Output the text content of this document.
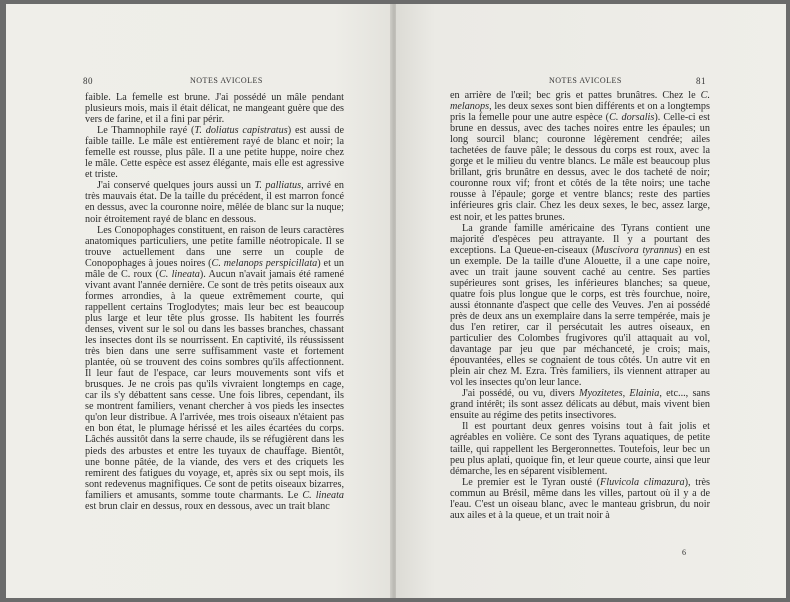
80	NOTES AVICOLES

faible. La femelle est brune. J'ai possédé un mâle pendant plusieurs mois, mais il était délicat, ne mangeant guère que des vers de farine, et il a fini par périr.

Le Thamnophile rayé (T. doliatus capistratus) est aussi de faible taille. Le mâle est entièrement rayé de blanc et noir; la femelle est rousse, plus pâle. Il a une petite huppe, noire chez le mâle. Cette espèce est assez élégante, mais elle est agressive et triste.

J'ai conservé quelques jours aussi un T. palliatus, arrivé en très mauvais état. De la taille du précédent, il est marron foncé en dessus, avec la couronne noire, mêlée de blanc sur la nuque; noir étroitement rayé de blanc en dessous.

Les Conopophages constituent, en raison de leurs caractères anatomiques particuliers, une petite famille néotropicale. Il se trouve actuellement dans une serre un couple de Conopophages à joues noires (C. melanops perspicillata) et un mâle de C. roux (C. lineata). Aucun n'avait jamais été ramené vivant avant l'année dernière. Ce sont de très petits oiseaux aux formes arrondies, à la queue extrêmement courte, qui rappellent certains Troglodytes; mais leur bec est beaucoup plus large et leur tête plus grosse. Ils habitent les fourrés denses, vivent sur le sol ou dans les basses branches, chassant les insectes dont ils se nourrissent. En captivité, ils réussissent très bien dans une serre suffisamment vaste et fortement plantée, où se trouvent des coins sombres qu'ils affectionnent. Il leur faut de l'espace, car leurs mouvements sont vifs et brusques. Je ne crois pas qu'ils vivraient longtemps en cage, car ils s'y débattent sans cesse. Une fois libres, cependant, ils se montrent familiers, venant chercher à vos pieds les insectes qu'on leur distribue. A l'arrivée, mes trois oiseaux n'étaient pas en bon état, le plumage hérissé et les ailes écartées du corps. Lâchés aussitôt dans la serre chaude, ils se réfugièrent dans les pieds des arbustes et entre les tuyaux de chauffage. Bientôt, une bonne pâtée, de la viande, des vers et des criquets les remirent des fatigues du voyage, et, après six ou sept mois, ils sont redevenus magnifiques. Ce sont de petits oiseaux bizarres, familiers et amusants, somme toute charmants. Le C. lineata est brun clair en dessus, roux en dessous, avec un trait blanc

NOTES AVICOLES	81

en arrière de l'œil; bec gris et pattes brunâtres. Chez le C. melanops, les deux sexes sont bien différents et on a longtemps pris la femelle pour une autre espèce (C. dorsalis). Celle-ci est brune en dessus, avec des taches noires entre les épaules; un long sourcil blanc; couronne légèrement cendrée; ailes tachetées de fauve pâle; le dessous du corps est roux, avec la gorge et le milieu du ventre blancs. Le mâle est beaucoup plus brillant, gris brunâtre en dessus, avec le dos tacheté de noir; couronne roux vif; front et côtés de la tête noirs; une tache rousse à l'épaule; gorge et ventre blancs; reste des parties inférieures gris clair. Chez les deux sexes, le bec, assez large, est noir, et les pattes brunes.

La grande famille américaine des Tyrans contient une majorité d'espèces peu attrayante. Il y a pourtant des exceptions. La Queue-en-ciseaux (Muscivora tyrannus) en est un exemple. De la taille d'une Alouette, il a une cape noire, avec un trait jaune souvent caché au centre. Ses parties supérieures sont grises, les inférieures blanches; sa queue, quatre fois plus longue que le corps, est très fourchue, noire, aussi étonnante d'aspect que celle des Veuves. J'en ai possédé près de deux ans un exemplaire dans la serre tempérée, mais je dus l'en retirer, car il persécutait les autres oiseaux, en particulier des Colombes frugivores qu'il attaquait au vol, davantage par jeu que par méchanceté, je crois; mais, épouvantées, elles se cognaient de tous côtés. Un autre vit en plein air chez M. Ezra. Très familiers, ils viennent attraper au vol les insectes qu'on leur lance.

J'ai possédé, ou vu, divers Myozitetes, Elainia, etc..., sans grand intérêt; ils sont assez délicats au début, mais vivent bien ensuite au régime des petits insectivores.

Il est pourtant deux genres voisins tout à fait jolis et agréables en volière. Ce sont des Tyrans aquatiques, de petite taille, qui rappellent les Bergeronnettes. Toutefois, leur bec un peu plus aplati, quoique fin, et leur queue courte, ainsi que leur démarche, les en séparent visiblement.

Le premier est le Tyran ousté (Fluvicola climazura), très commun au Brésil, même dans les villes, partout où il y a de l'eau. C'est un oiseau blanc, avec le manteau grisbrun, du noir aux ailes et à la queue, et un trait noir à

6
